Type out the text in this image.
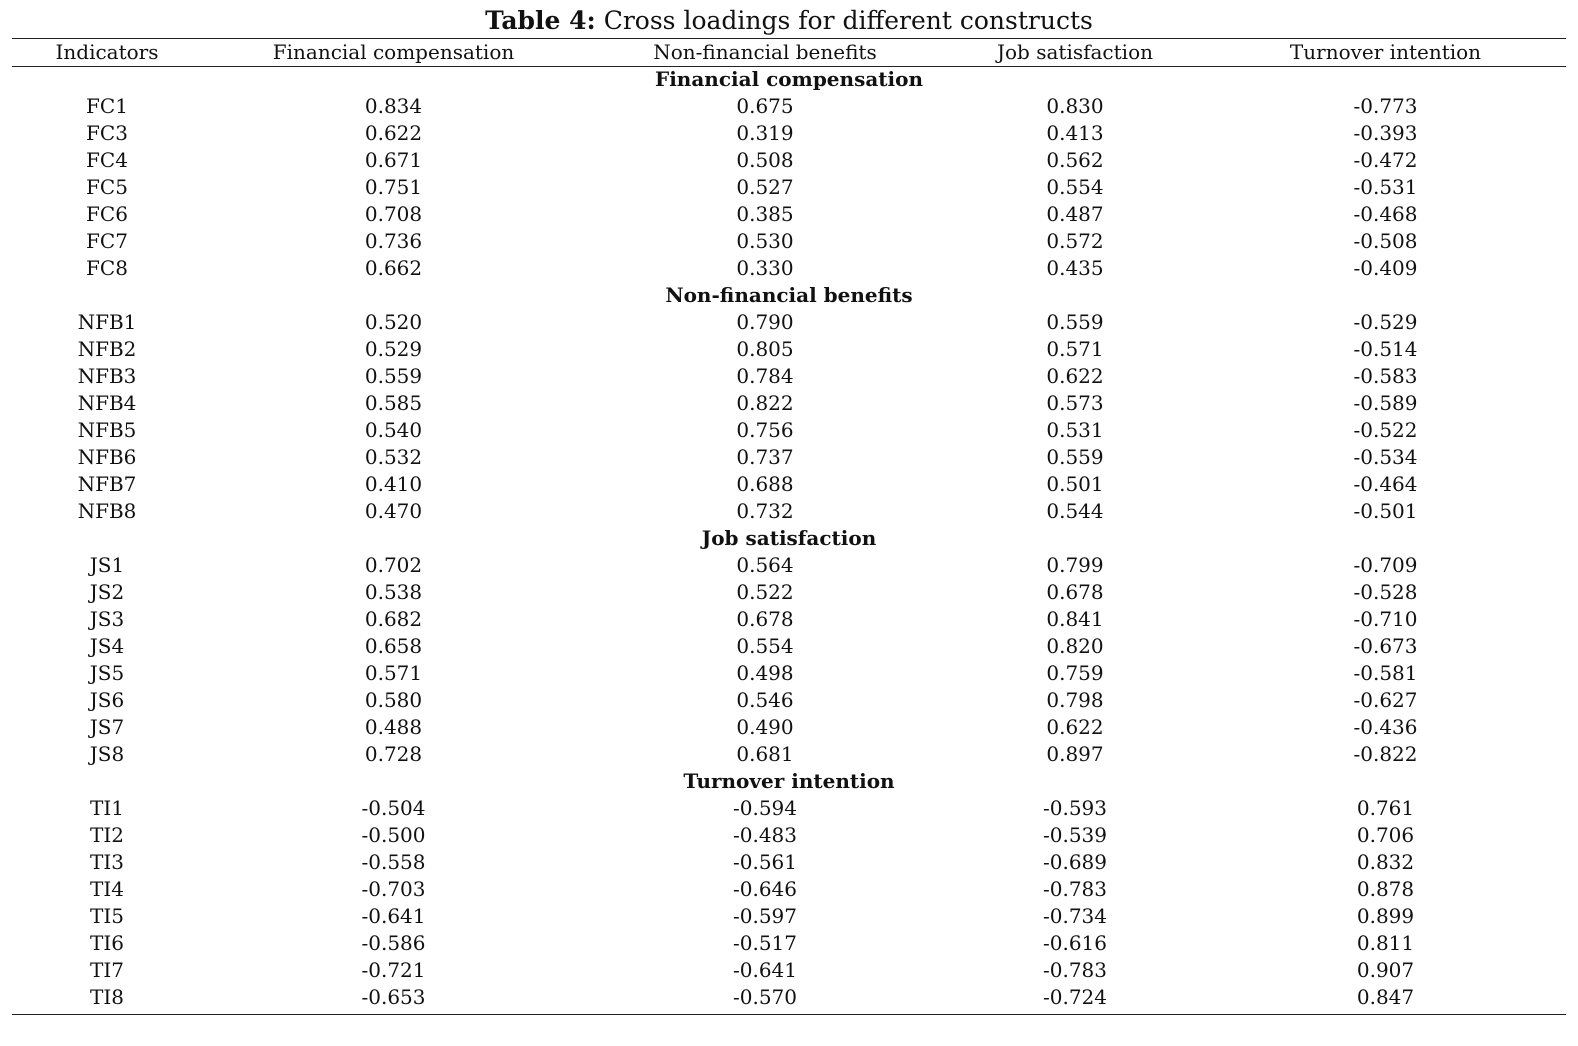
Table 4: Cross loadings for different constructs
Indicators	Financial compensation	Non-financial benefits	Job satisfaction	Turnover intention
Financial compensation				
FC1	0.834	0.675	0.830	-0.773
FC3	0.622	0.319	0.413	-0.393
FC4	0.671	0.508	0.562	-0.472
FC5	0.751	0.527	0.554	-0.531
FC6	0.708	0.385	0.487	-0.468
FC7	0.736	0.530	0.572	-0.508
FC8	0.662	0.330	0.435	-0.409
Non-financial benefits				
NFB1	0.520	0.790	0.559	-0.529
NFB2	0.529	0.805	0.571	-0.514
NFB3	0.559	0.784	0.622	-0.583
NFB4	0.585	0.822	0.573	-0.589
NFB5	0.540	0.756	0.531	-0.522
NFB6	0.532	0.737	0.559	-0.534
NFB7	0.410	0.688	0.501	-0.464
NFB8	0.470	0.732	0.544	-0.501
Job satisfaction				
JS1	0.702	0.564	0.799	-0.709
JS2	0.538	0.522	0.678	-0.528
JS3	0.682	0.678	0.841	-0.710
JS4	0.658	0.554	0.820	-0.673
JS5	0.571	0.498	0.759	-0.581
JS6	0.580	0.546	0.798	-0.627
JS7	0.488	0.490	0.622	-0.436
JS8	0.728	0.681	0.897	-0.822
Turnover intention				
TI1	-0.504	-0.594	-0.593	0.761
TI2	-0.500	-0.483	-0.539	0.706
TI3	-0.558	-0.561	-0.689	0.832
TI4	-0.703	-0.646	-0.783	0.878
TI5	-0.641	-0.597	-0.734	0.899
TI6	-0.586	-0.517	-0.616	0.811
TI7	-0.721	-0.641	-0.783	0.907
TI8	-0.653	-0.570	-0.724	0.847
